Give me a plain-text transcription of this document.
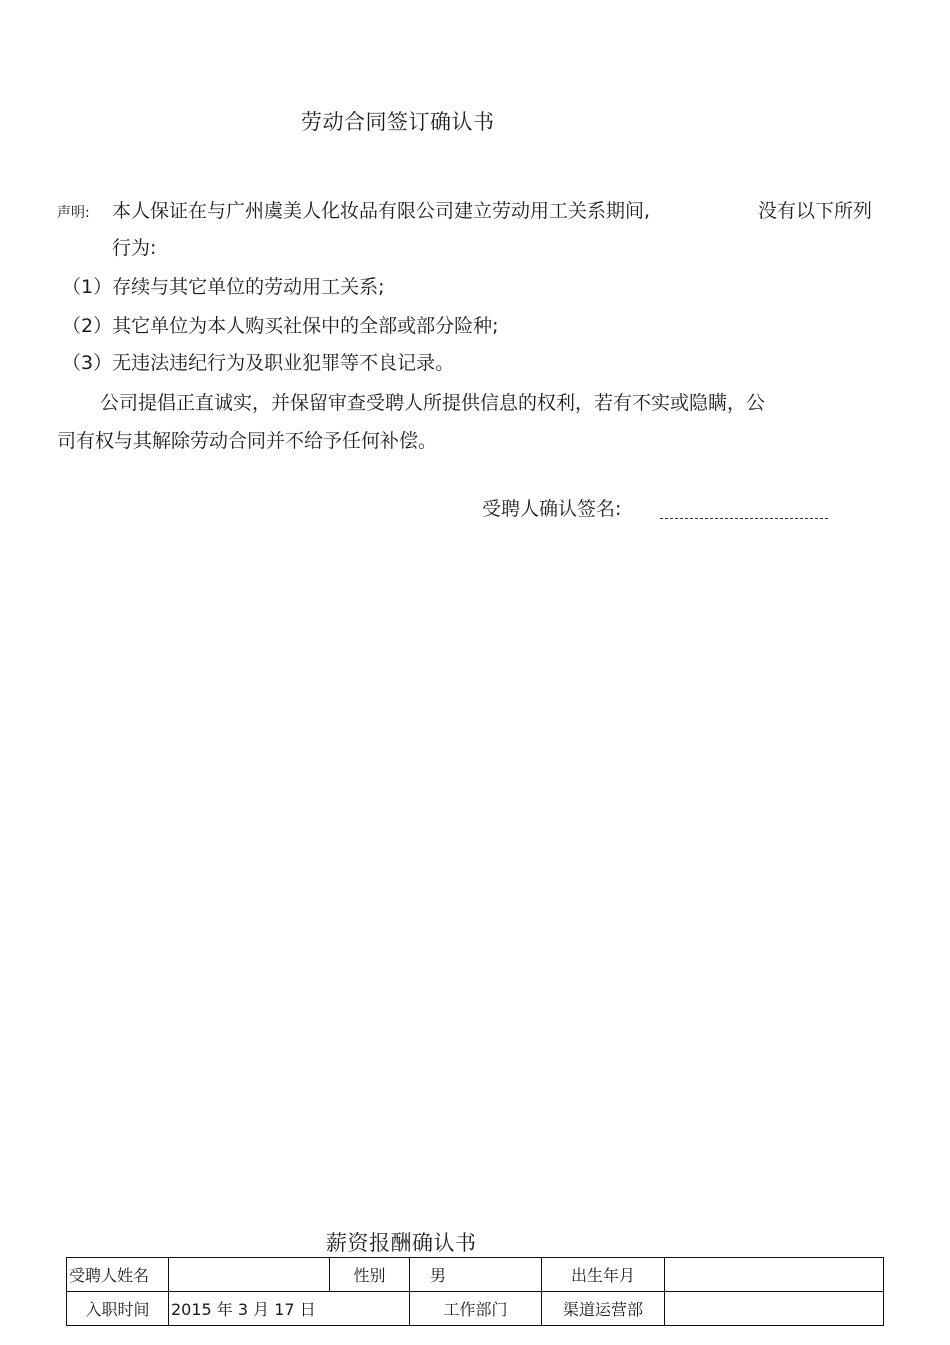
劳动合同签订确认书
声明: 本人保证在与广州虞美人化妆品有限公司建立劳动用工关系期间,	没有以下所列
行为:
（1）存续与其它单位的劳动用工关系;
（2）其它单位为本人购买社保中的全部或部分险种;
（3）无违法违纪行为及职业犯罪等不良记录。
公司提倡正直诚实，并保留审查受聘人所提供信息的权利，若有不实或隐瞒，公
司有权与其解除劳动合同并不给予任何补偿。
受聘人确认签名:
薪资报酬确认书
受聘人姓名		性别	男	出生年月	
入职时间	2015 年 3 月 17 日		工作部门	渠道运营部	
